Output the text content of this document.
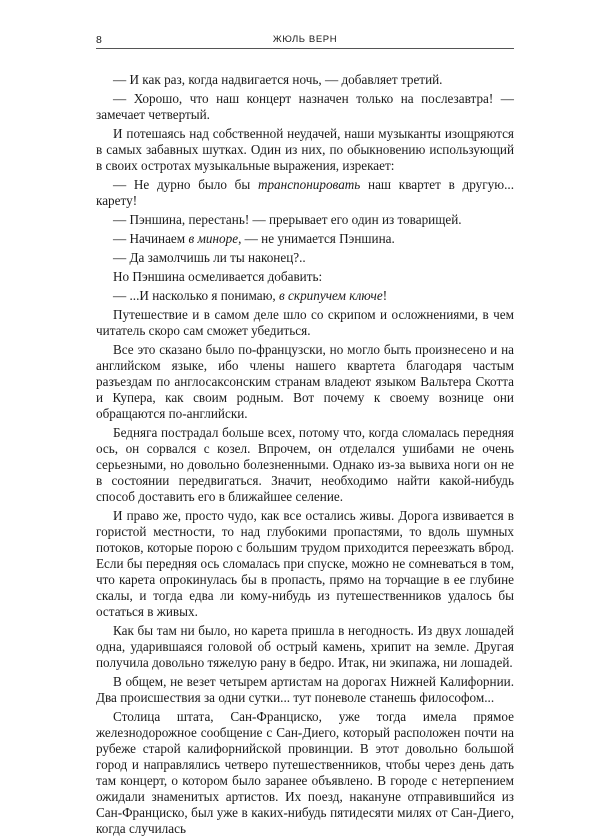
8	ЖЮЛЬ ВЕРН

— И как раз, когда надвигается ночь, — добавляет третий.

— Хорошо, что наш концерт назначен только на послезавтра! — замечает четвертый.

И потешаясь над собственной неудачей, наши музыканты изощряются в самых забавных шутках. Один из них, по обыкновению использующий в своих остротах музыкальные выражения, изрекает:

— Не дурно было бы транспонировать наш квартет в другую... карету!

— Пэншина, перестань! — прерывает его один из товарищей.

— Начинаем в миноре, — не унимается Пэншина.

— Да замолчишь ли ты наконец?..

Но Пэншина осмеливается добавить:

— ...И насколько я понимаю, в скрипучем ключе!

Путешествие и в самом деле шло со скрипом и осложнениями, в чем читатель скоро сам сможет убедиться.

Все это сказано было по-французски, но могло быть произнесено и на английском языке, ибо члены нашего квартета благодаря частым разъездам по англосаксонским странам владеют языком Вальтера Скотта и Купера, как своим родным. Вот почему к своему вознице они обращаются по-английски.

Бедняга пострадал больше всех, потому что, когда сломалась передняя ось, он сорвался с козел. Впрочем, он отделался ушибами не очень серьезными, но довольно болезненными. Однако из-за вывиха ноги он не в состоянии передвигаться. Значит, необходимо найти какой-нибудь способ доставить его в ближайшее селение.

И право же, просто чудо, как все остались живы. Дорога извивается в гористой местности, то над глубокими пропастями, то вдоль шумных потоков, которые порою с большим трудом приходится переезжать вброд. Если бы передняя ось сломалась при спуске, можно не сомневаться в том, что карета опрокинулась бы в пропасть, прямо на торчащие в ее глубине скалы, и тогда едва ли кому-нибудь из путешественников удалось бы остаться в живых.

Как бы там ни было, но карета пришла в негодность. Из двух лошадей одна, ударившаяся головой об острый камень, хрипит на земле. Другая получила довольно тяжелую рану в бедро. Итак, ни экипажа, ни лошадей.

В общем, не везет четырем артистам на дорогах Нижней Калифорнии. Два происшествия за одни сутки... тут поневоле станешь философом...

Столица штата, Сан-Франциско, уже тогда имела прямое железнодорожное сообщение с Сан-Диего, который расположен почти на рубеже старой калифорнийской провинции. В этот довольно большой город и направлялись четверо путешественников, чтобы через день дать там концерт, о котором было заранее объявлено. В городе с нетерпением ожидали знаменитых артистов. Их поезд, накануне отправившийся из Сан-Франциско, был уже в каких-нибудь пятидесяти милях от Сан-Диего, когда случилась
